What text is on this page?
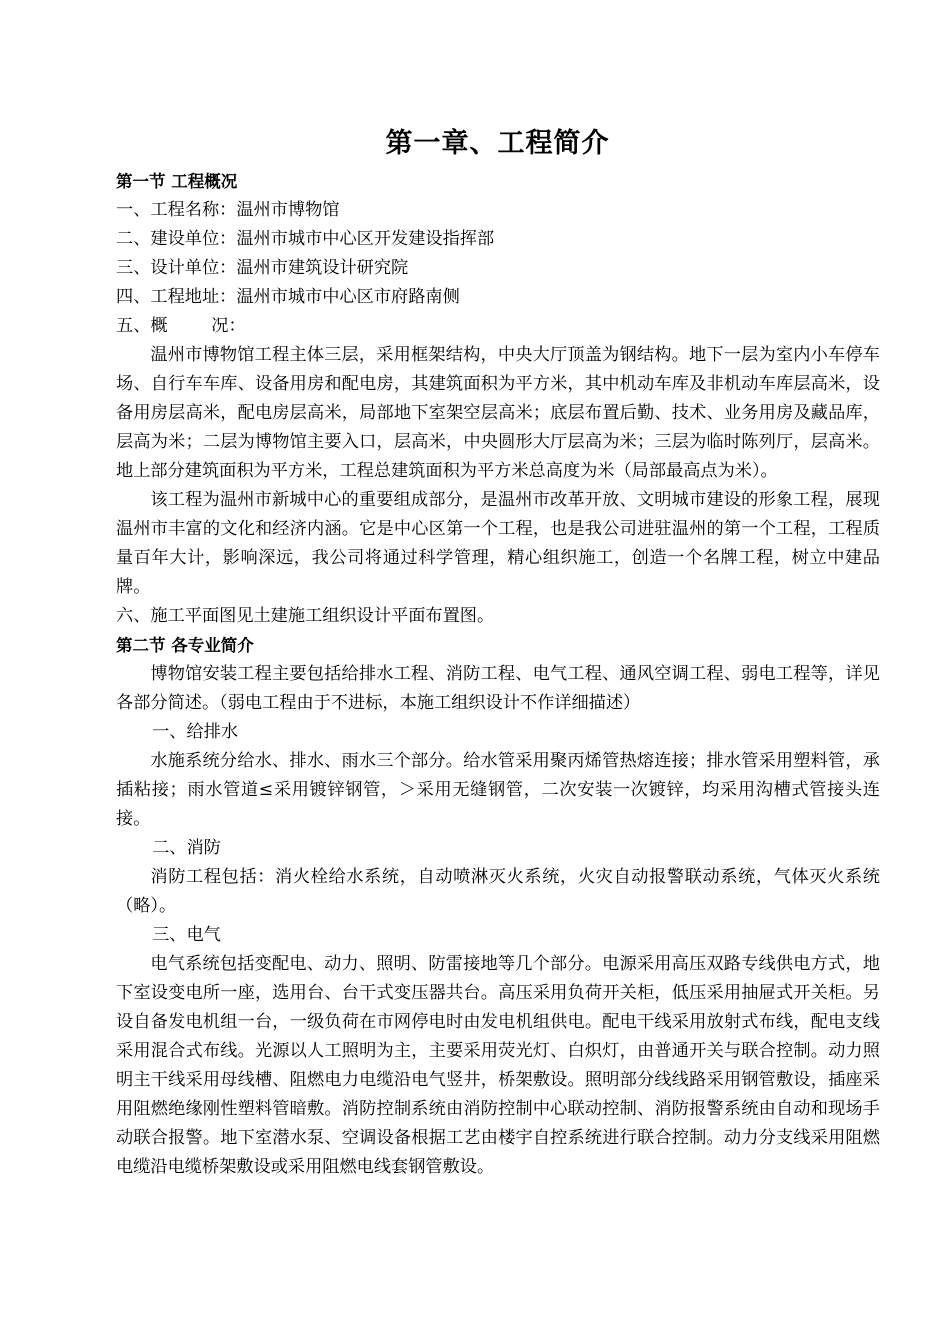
第一章、工程简介

第一节 工程概况

一、工程名称：温州市博物馆

二、建设单位：温州市城市中心区开发建设指挥部

三、设计单位：温州市建筑设计研究院

四、工程地址：温州市城市中心区市府路南侧

五、概        况：

温州市博物馆工程主体三层，采用框架结构，中央大厅顶盖为钢结构。地下一层为室内小车停车场、自行车车库、设备用房和配电房，其建筑面积为平方米，其中机动车库及非机动车库层高米，设备用房层高米，配电房层高米，局部地下室架空层高米；底层布置后勤、技术、业务用房及藏品库，层高为米；二层为博物馆主要入口，层高米，中央圆形大厅层高为米；三层为临时陈列厅，层高米。地上部分建筑面积为平方米，工程总建筑面积为平方米总高度为米（局部最高点为米）。

该工程为温州市新城中心的重要组成部分，是温州市改革开放、文明城市建设的形象工程，展现温州市丰富的文化和经济内涵。它是中心区第一个工程，也是我公司进驻温州的第一个工程，工程质量百年大计，影响深远，我公司将通过科学管理，精心组织施工，创造一个名牌工程，树立中建品牌。

六、施工平面图见土建施工组织设计平面布置图。

第二节 各专业简介

博物馆安装工程主要包括给排水工程、消防工程、电气工程、通风空调工程、弱电工程等，详见各部分简述。（弱电工程由于不进标，本施工组织设计不作详细描述）

一、给排水

水施系统分给水、排水、雨水三个部分。给水管采用聚丙烯管热熔连接；排水管采用塑料管，承插粘接；雨水管道≤采用镀锌钢管，＞采用无缝钢管，二次安装一次镀锌，均采用沟槽式管接头连接。

二、消防

消防工程包括：消火栓给水系统，自动喷淋灭火系统，火灾自动报警联动系统，气体灭火系统（略）。

三、电气

电气系统包括变配电、动力、照明、防雷接地等几个部分。电源采用高压双路专线供电方式，地下室设变电所一座，选用台、台干式变压器共台。高压采用负荷开关柜，低压采用抽屉式开关柜。另设自备发电机组一台，一级负荷在市网停电时由发电机组供电。配电干线采用放射式布线，配电支线采用混合式布线。光源以人工照明为主，主要采用荧光灯、白炽灯，由普通开关与联合控制。动力照明主干线采用母线槽、阻燃电力电缆沿电气竖井，桥架敷设。照明部分线线路采用钢管敷设，插座采用阻燃绝缘刚性塑料管暗敷。消防控制系统由消防控制中心联动控制、消防报警系统由自动和现场手动联合报警。地下室潜水泵、空调设备根据工艺由楼宇自控系统进行联合控制。动力分支线采用阻燃电缆沿电缆桥架敷设或采用阻燃电线套钢管敷设。
